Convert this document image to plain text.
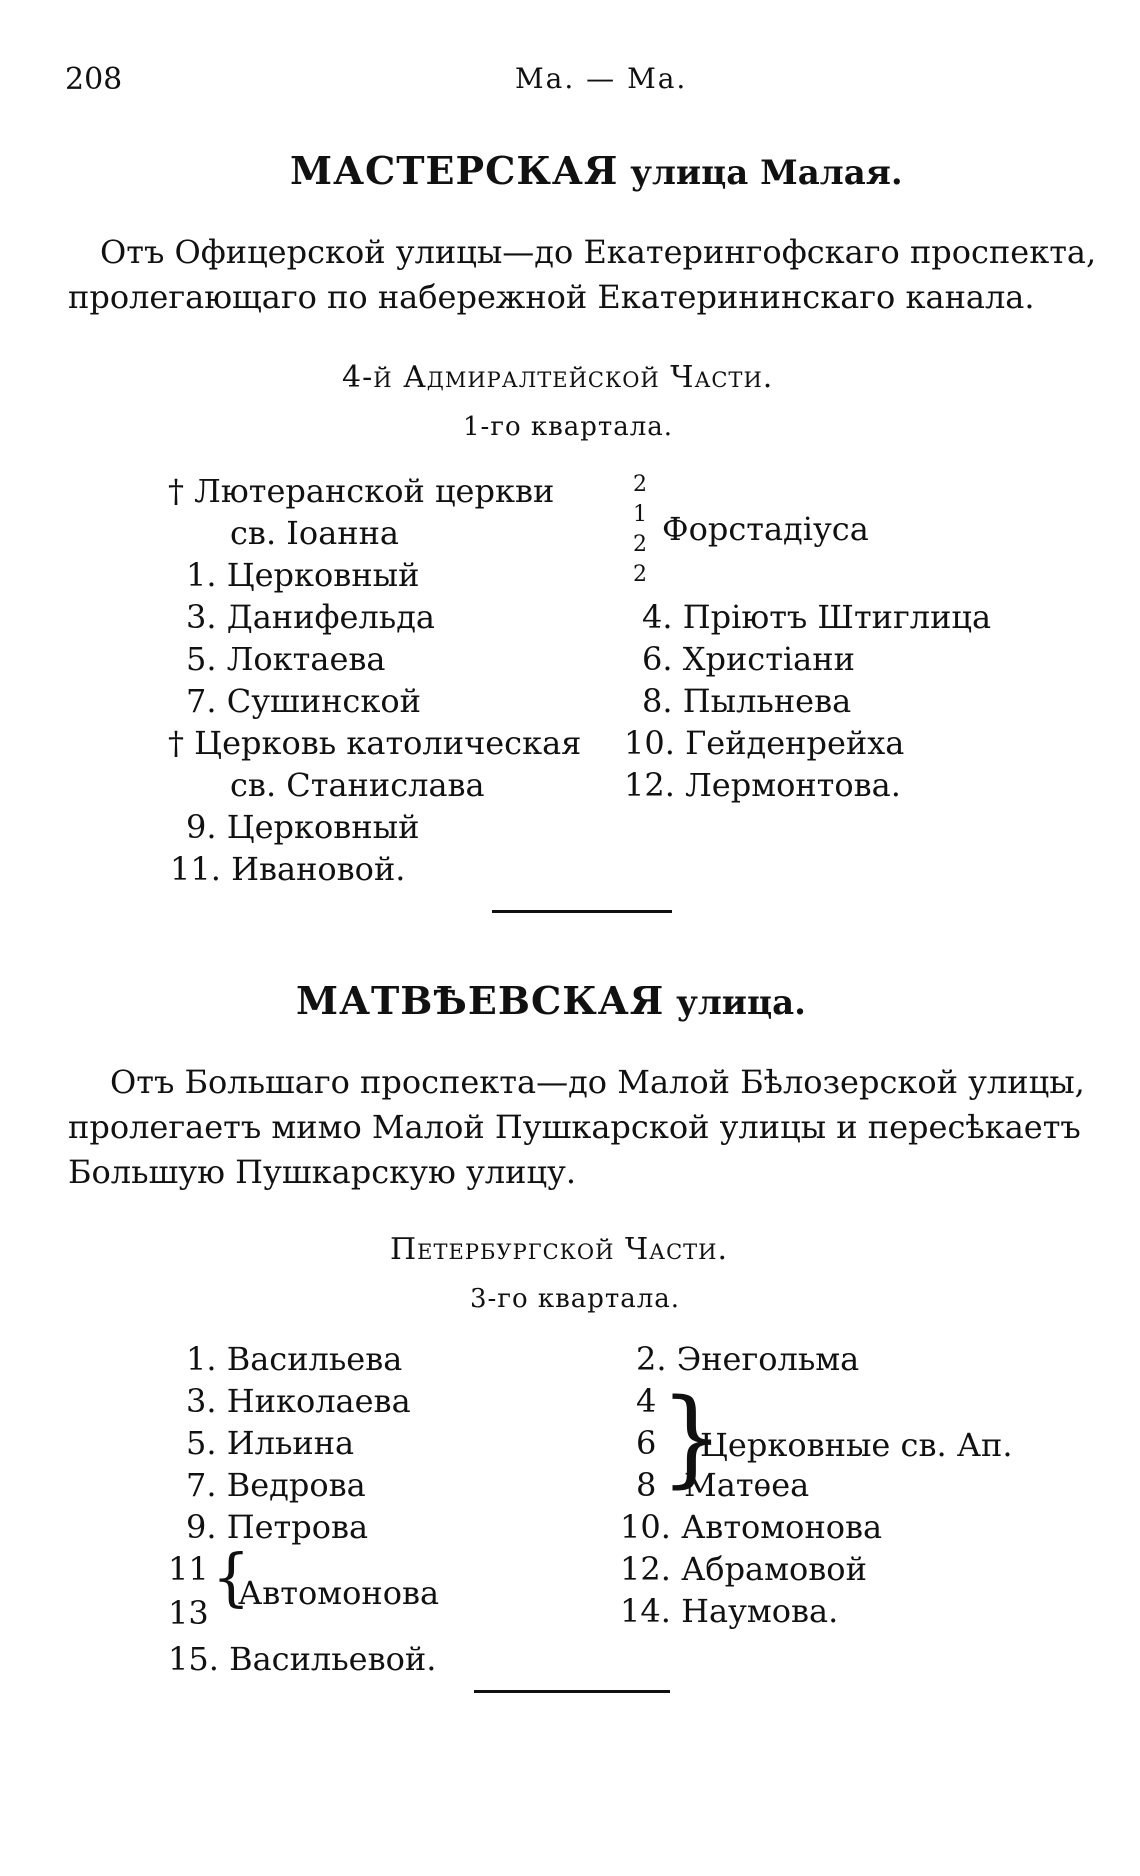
208	Ма. — Ма.
МАСТЕРСКАЯ улица Малая.
Отъ Офицерской улицы—до Екатерингофскаго проспекта,
пролегающаго по набережной Екатерининскаго канала.
4-й Адмиралтейской Части.
1-го квартала.
† Лютеранской церкви
св. Іоанна
1. Церковный
3. Данифельда
5. Локтаева
7. Сушинской
† Церковь католическая
св. Станислава
9. Церковный
11. Ивановой.
2
1
2
2
Форстадіуса
4. Пріютъ Штиглица
6. Христіани
8. Пыльнева
10. Гейденрейха
12. Лермонтова.
МАТВѢЕВСКАЯ улица.
Отъ Большаго проспекта—до Малой Бѣлозерской улицы,
пролегаетъ мимо Малой Пушкарской улицы и пересѣкаетъ
Большую Пушкарскую улицу.
Петербургской Части.
3-го квартала.
1. Васильева
3. Николаева
5. Ильина
7. Ведрова
9. Петрова
11
13 {
Автомонова
15. Васильевой.
2. Энегольма
4
6
8 }
Церковные св. Ап.
Матѳеа
10. Автомонова
12. Абрамовой
14. Наумова.
